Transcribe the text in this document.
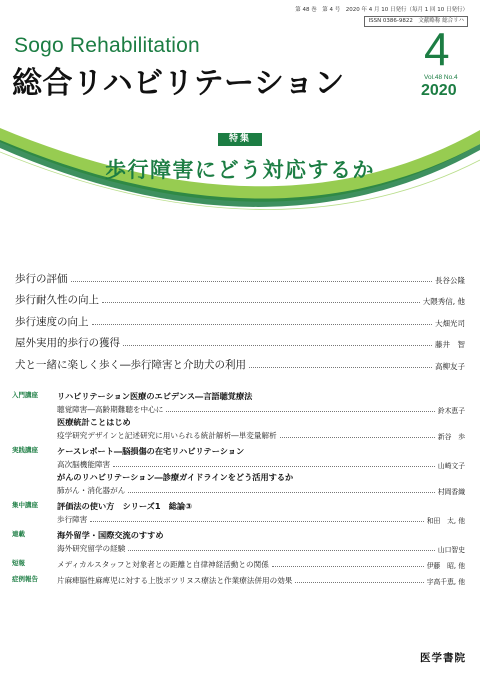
第 48 巻　第 4 号　2020 年 4 月 10 日発行（毎月 1 回 10 日発行）
ISSN 0386-9822　文献略称 総合リハ
Sogo Rehabilitation
総合リハビリテーション
4
Vol.48 No.4
2020
特集
歩行障害にどう対応するか
歩行の評価	長谷公隆
歩行耐久性の向上	大隈秀信, 他
歩行速度の向上	大畑光司
屋外実用的歩行の獲得	藤井　智
犬と一緒に楽しく歩く―歩行障害と介助犬の利用	高柳友子
入門講座	リハビリテーション医療のエビデンス―言語聴覚療法
聴覚障害―高齢期難聴を中心に	鈴木恵子
医療統計ことはじめ
疫学研究デザインと記述研究に用いられる統計解析―単変量解析	新谷　歩
実践講座	ケースレポート―脳損傷の在宅リハビリテーション
高次脳機能障害	山崎文子
がんのリハビリテーション―診療ガイドラインをどう活用するか
肺がん・消化器がん	村岡香織
集中講座	評価法の使い方　シリーズ1　総論③
歩行障害	和田　太, 他
連載	海外留学・国際交流のすすめ
海外研究留学の経験	山口智史
短報	メディカルスタッフと対象者との距離と自律神経活動との関係	伊藤　昭, 他
症例報告	片麻痺脳性麻痺児に対する上肢ボツリヌス療法と作業療法併用の効果	宇高千恵, 他
医学書院
